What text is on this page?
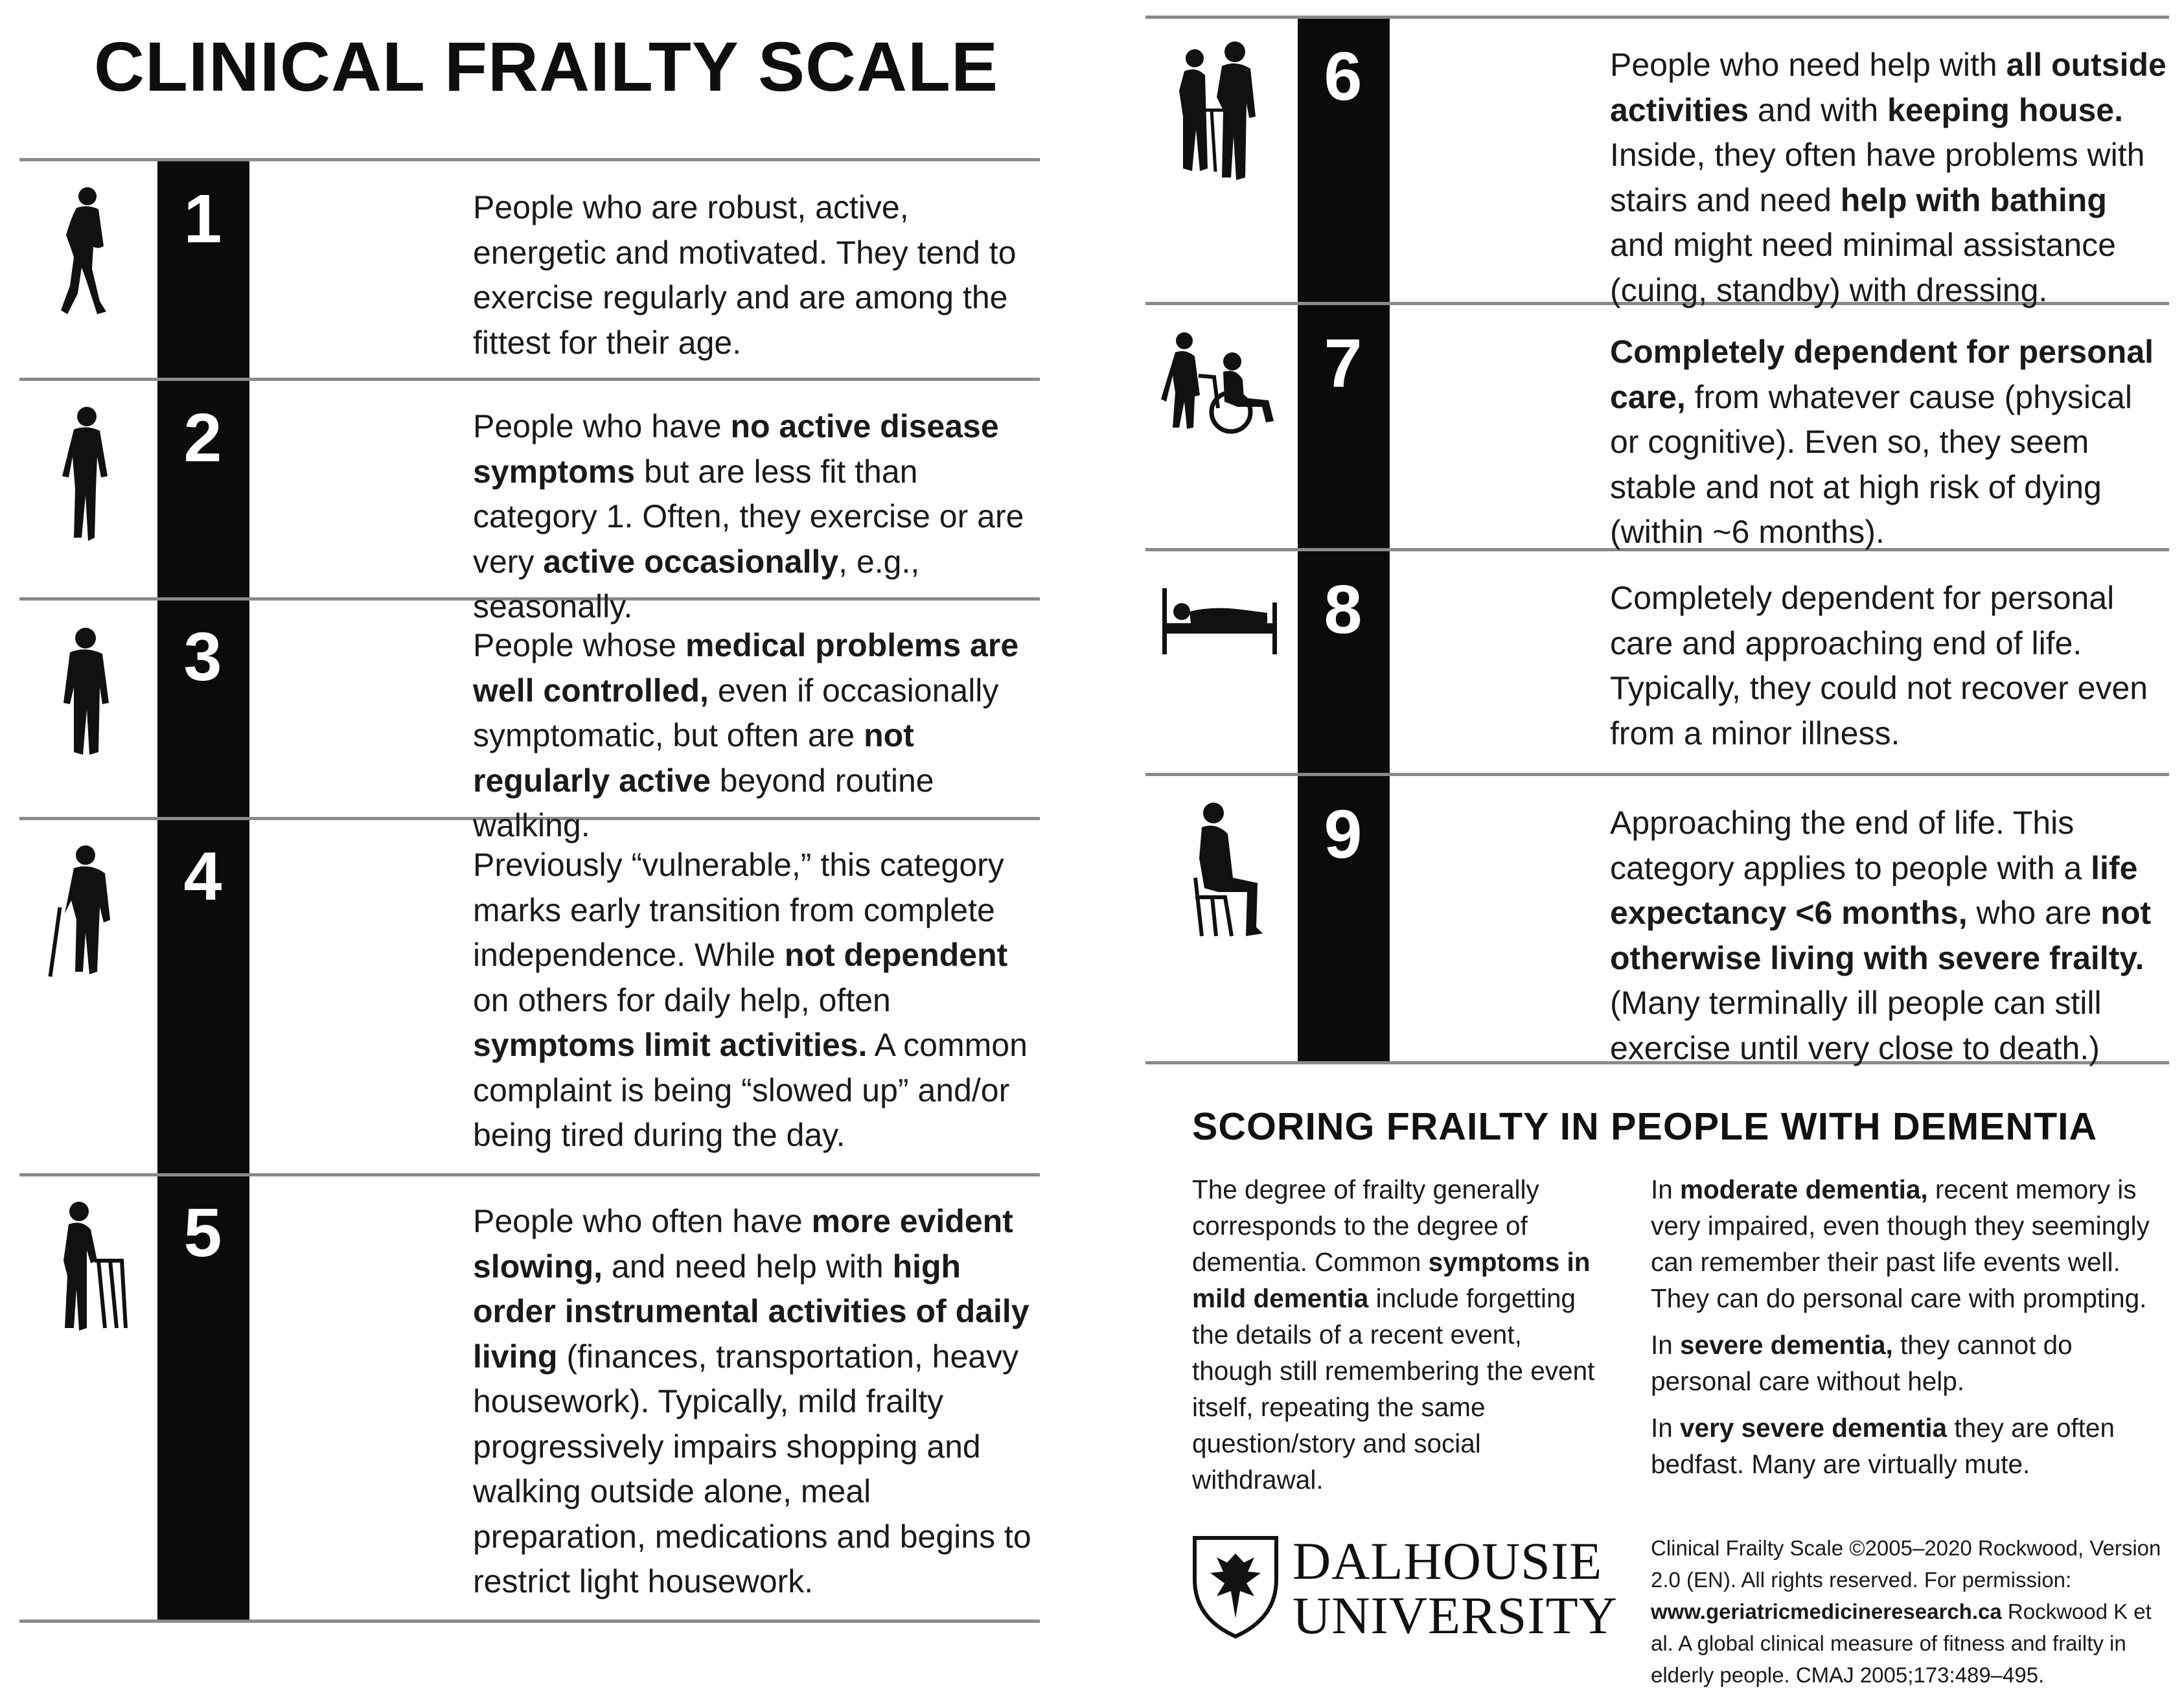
CLINICAL FRAILTY SCALE
1	People who are robust, active, energetic and motivated. They tend to exercise regularly and are among the fittest for their age.
2	People who have no active disease symptoms but are less fit than category 1. Often, they exercise or are very active occasionally, e.g., seasonally.
3	People whose medical problems are well controlled, even if occasionally symptomatic, but often are not regularly active beyond routine walking.
4	Previously “vulnerable,” this category marks early transition from complete independence. While not dependent on others for daily help, often symptoms limit activities. A common complaint is being “slowed up” and/or being tired during the day.
5	People who often have more evident slowing, and need help with high order instrumental activities of daily living (finances, transportation, heavy housework). Typically, mild frailty progressively impairs shopping and walking outside alone, meal preparation, medications and begins to restrict light housework.
6	People who need help with all outside activities and with keeping house. Inside, they often have problems with stairs and need help with bathing and might need minimal assistance (cuing, standby) with dressing.
7	Completely dependent for personal care, from whatever cause (physical or cognitive). Even so, they seem stable and not at high risk of dying (within ~6 months).
8	Completely dependent for personal care and approaching end of life. Typically, they could not recover even from a minor illness.
9	Approaching the end of life. This category applies to people with a life expectancy <6 months, who are not otherwise living with severe frailty. (Many terminally ill people can still exercise until very close to death.)
SCORING FRAILTY IN PEOPLE WITH DEMENTIA

The degree of frailty generally corresponds to the degree of dementia. Common symptoms in mild dementia include forgetting the details of a recent event, though still remembering the event itself, repeating the same question/story and social withdrawal.

In moderate dementia, recent memory is very impaired, even though they seemingly can remember their past life events well. They can do personal care with prompting.

In severe dementia, they cannot do personal care without help.

In very severe dementia they are often bedfast. Many are virtually mute.

DALHOUSIE
UNIVERSITY
Clinical Frailty Scale ©2005–2020 Rockwood, Version 2.0 (EN). All rights reserved. For permission: www.geriatricmedicineresearch.ca Rockwood K et al. A global clinical measure of fitness and frailty in elderly people. CMAJ 2005;173:489–495.
